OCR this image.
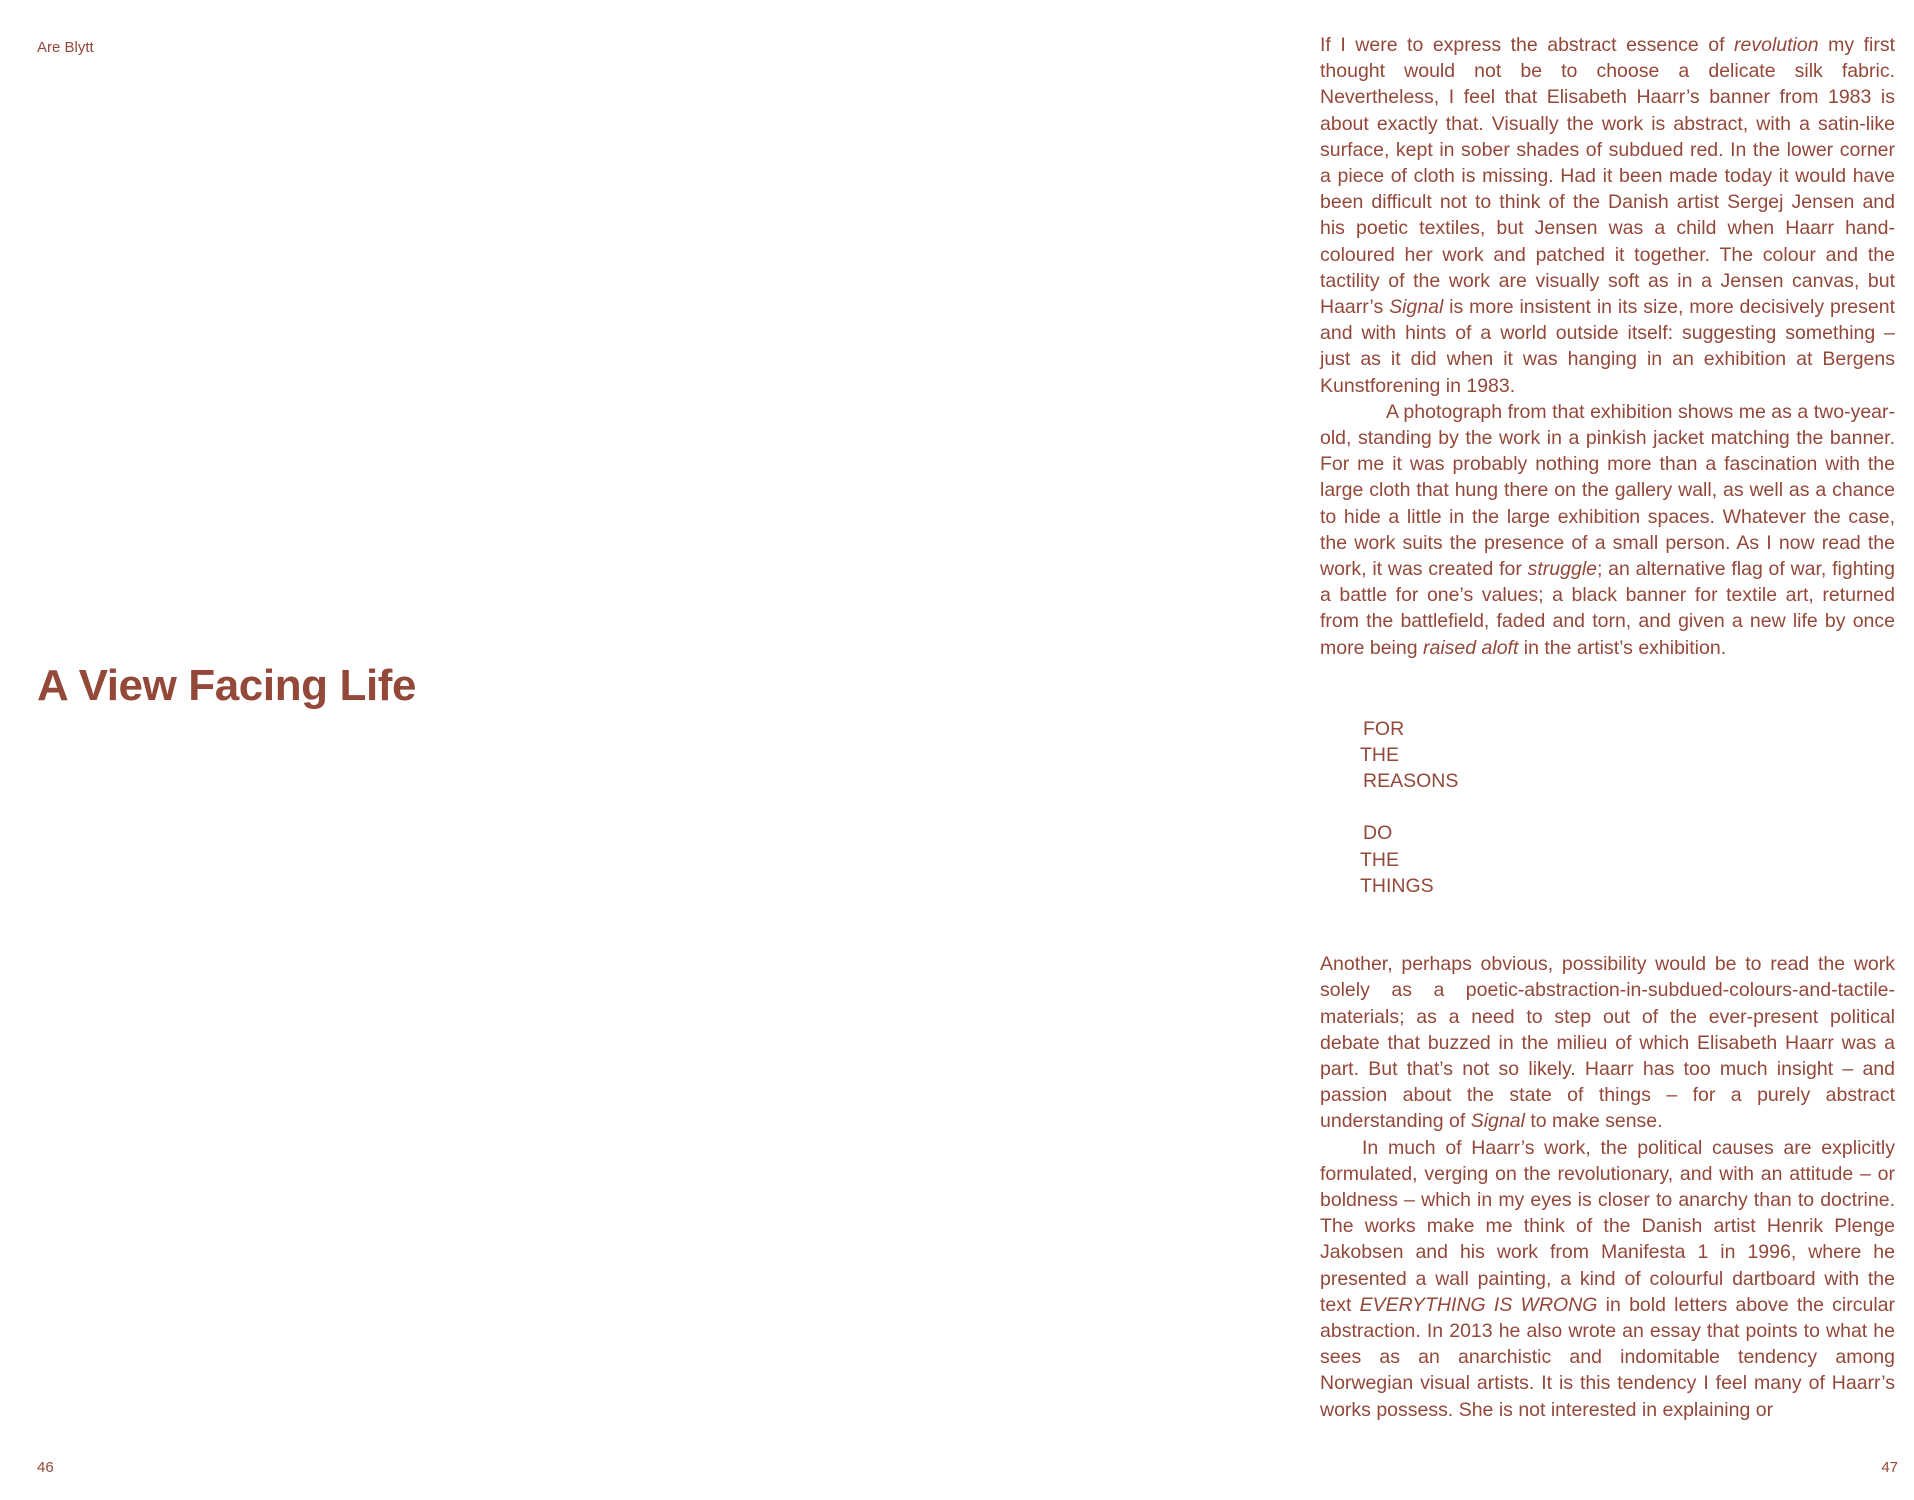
Are Blytt
A View Facing Life
46

If I were to express the abstract essence of revolution my first thought would not be to choose a delicate silk fabric. Nevertheless, I feel that Elisabeth Haarr’s banner from 1983 is about exactly that. Visually the work is abstract, with a satin-like surface, kept in sober shades of subdued red. In the lower corner a piece of cloth is missing. Had it been made today it would have been difficult not to think of the Danish artist Sergej Jensen and his poetic textiles, but Jensen was a child when Haarr hand-coloured her work and patched it together. The colour and the tactility of the work are visually soft as in a Jensen canvas, but Haarr’s Signal is more insistent in its size, more decisively present and with hints of a world outside itself: suggesting something – just as it did when it was hanging in an exhibition at Bergens Kunstforening in 1983.

A photograph from that exhibition shows me as a two-year-old, standing by the work in a pinkish jacket matching the banner. For me it was probably nothing more than a fascination with the large cloth that hung there on the gallery wall, as well as a chance to hide a little in the large exhibition spaces. Whatever the case, the work suits the presence of a small person. As I now read the work, it was created for struggle; an alternative flag of war, fighting a battle for one’s values; a black banner for textile art, returned from the battlefield, faded and torn, and given a new life by once more being raised aloft in the artist’s exhibition.

FOR
THE
REASONS
DO
THE
THINGS

Another, perhaps obvious, possibility would be to read the work solely as a poetic-abstraction-in-subdued-colours-and-tactile-materials; as a need to step out of the ever-present political debate that buzzed in the milieu of which Elisabeth Haarr was a part. But that’s not so likely. Haarr has too much insight – and passion about the state of things – for a purely abstract understanding of Signal to make sense.

In much of Haarr’s work, the political causes are explicitly formulated, verging on the revolutionary, and with an attitude – or boldness – which in my eyes is closer to anarchy than to doctrine. The works make me think of the Danish artist Henrik Plenge Jakobsen and his work from Manifesta 1 in 1996, where he presented a wall painting, a kind of colourful dartboard with the text EVERYTHING IS WRONG in bold letters above the circular abstraction. In 2013 he also wrote an essay that points to what he sees as an anarchistic and indomitable tendency among Norwegian visual artists. It is this tendency I feel many of Haarr’s works possess. She is not interested in explaining or

47
